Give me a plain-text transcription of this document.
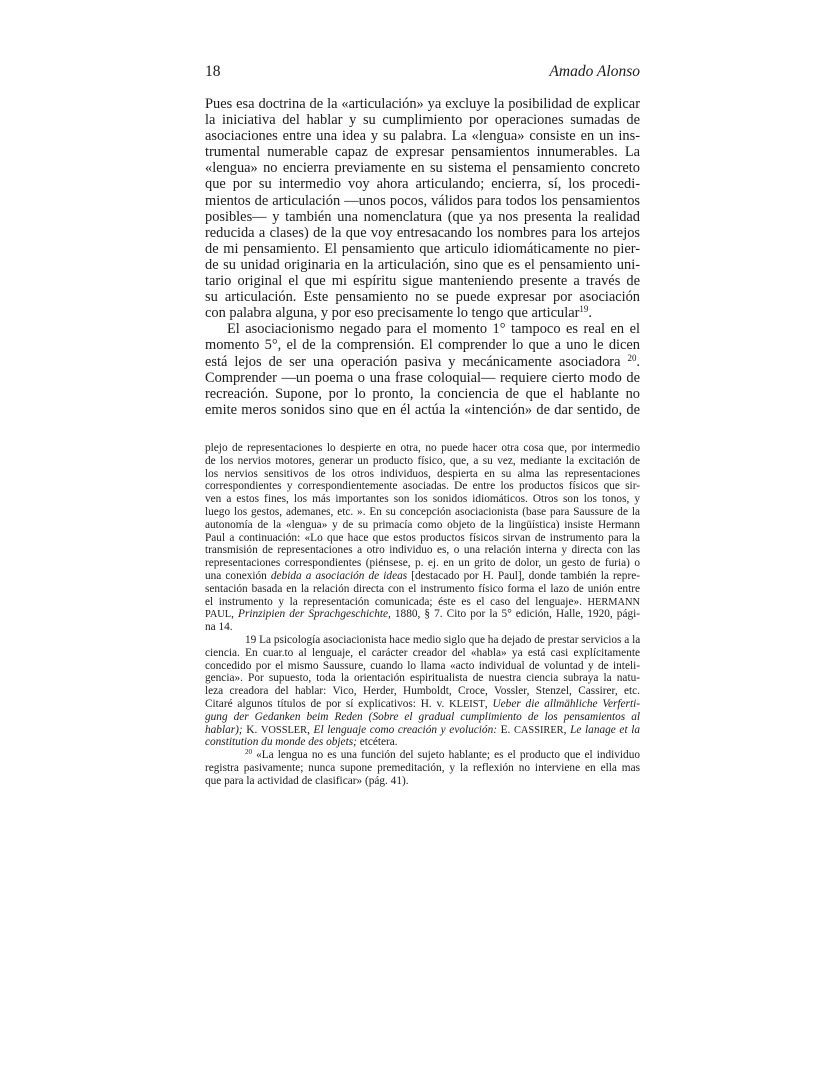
18	Amado Alonso
Pues esa doctrina de la «articulación» ya excluye la posibilidad de explicar
la iniciativa del hablar y su cumplimiento por operaciones sumadas de
asociaciones entre una idea y su palabra. La «lengua» consiste en un ins-
trumental numerable capaz de expresar pensamientos innumerables. La
«lengua» no encierra previamente en su sistema el pensamiento concreto
que por su intermedio voy ahora articulando; encierra, sí, los procedi-
mientos de articulación —unos pocos, válidos para todos los pensamientos
posibles— y también una nomenclatura (que ya nos presenta la realidad
reducida a clases) de la que voy entresacando los nombres para los artejos
de mi pensamiento. El pensamiento que articulo idiomáticamente no pier-
de su unidad originaria en la articulación, sino que es el pensamiento uni-
tario original el que mi espíritu sigue manteniendo presente a través de
su articulación. Este pensamiento no se puede expresar por asociación
con palabra alguna, y por eso precisamente lo tengo que articular$^{19}$.
El asociacionismo negado para el momento 1° tampoco es real en el
momento 5°, el de la comprensión. El comprender lo que a uno le dicen
está lejos de ser una operación pasiva y mecánicamente asociadora $^{20}$.
Comprender —un poema o una frase coloquial— requiere cierto modo de
recreación. Supone, por lo pronto, la conciencia de que el hablante no
emite meros sonidos sino que en él actúa la «intención» de dar sentido, de
plejo de representaciones lo despierte en otra, no puede hacer otra cosa que, por intermedio
de los nervios motores, generar un producto físico, que, a su vez, mediante la excitación de
los nervios sensitivos de los otros individuos, despierta en su alma las representaciones
correspondientes y correspondientemente asociadas. De entre los productos físicos que sir-
ven a estos fines, los más importantes son los sonidos idiomáticos. Otros son los tonos, y
luego los gestos, ademanes, etc. ». En su concepción asociacionista (base para Saussure de la
autonomía de la «lengua» y de su primacía como objeto de la lingüística) insiste Hermann
Paul a continuación: «Lo que hace que estos productos físicos sirvan de instrumento para la
transmisión de representaciones a otro individuo es, o una relación interna y directa con las
representaciones correspondientes (piénsese, p. ej. en un grito de dolor, un gesto de furia) o
una conexión debida a asociación de ideas [destacado por H. Paul], donde también la repre-
sentación basada en la relación directa con el instrumento físico forma el lazo de unión entre
el instrumento y la representación comunicada; éste es el caso del lenguaje». HERMANN
PAUL, Prinzipien der Sprachgeschichte, 1880, § 7. Cito por la 5° edición, Halle, 1920, pági-
na 14.
19 La psicología asociacionista hace medio siglo que ha dejado de prestar servicios a la
ciencia. En cuar.to al lenguaje, el carácter creador del «habla» ya está casi explícitamente
concedido por el mismo Saussure, cuando lo llama «acto individual de voluntad y de inteli-
gencia». Por supuesto, toda la orientación espiritualista de nuestra ciencia subraya la natu-
leza creadora del hablar: Vico, Herder, Humboldt, Croce, Vossler, Stenzel, Cassirer, etc.
Citaré algunos títulos de por sí explicativos: H. v. KLEIST, Ueber die allmähliche Verferti-
gung der Gedanken beim Reden (Sobre el gradual cumplimiento de los pensamientos al
hablar); K. VOSSLER, El lenguaje como creación y evolución: E. CASSIRER, Le lanage et la
constitution du monde des objets; etcétera.
$^{20}$ «La lengua no es una función del sujeto hablante; es el producto que el individuo
registra pasivamente; nunca supone premeditación, y la reflexión no interviene en ella mas
que para la actividad de clasificar» (pág. 41).
